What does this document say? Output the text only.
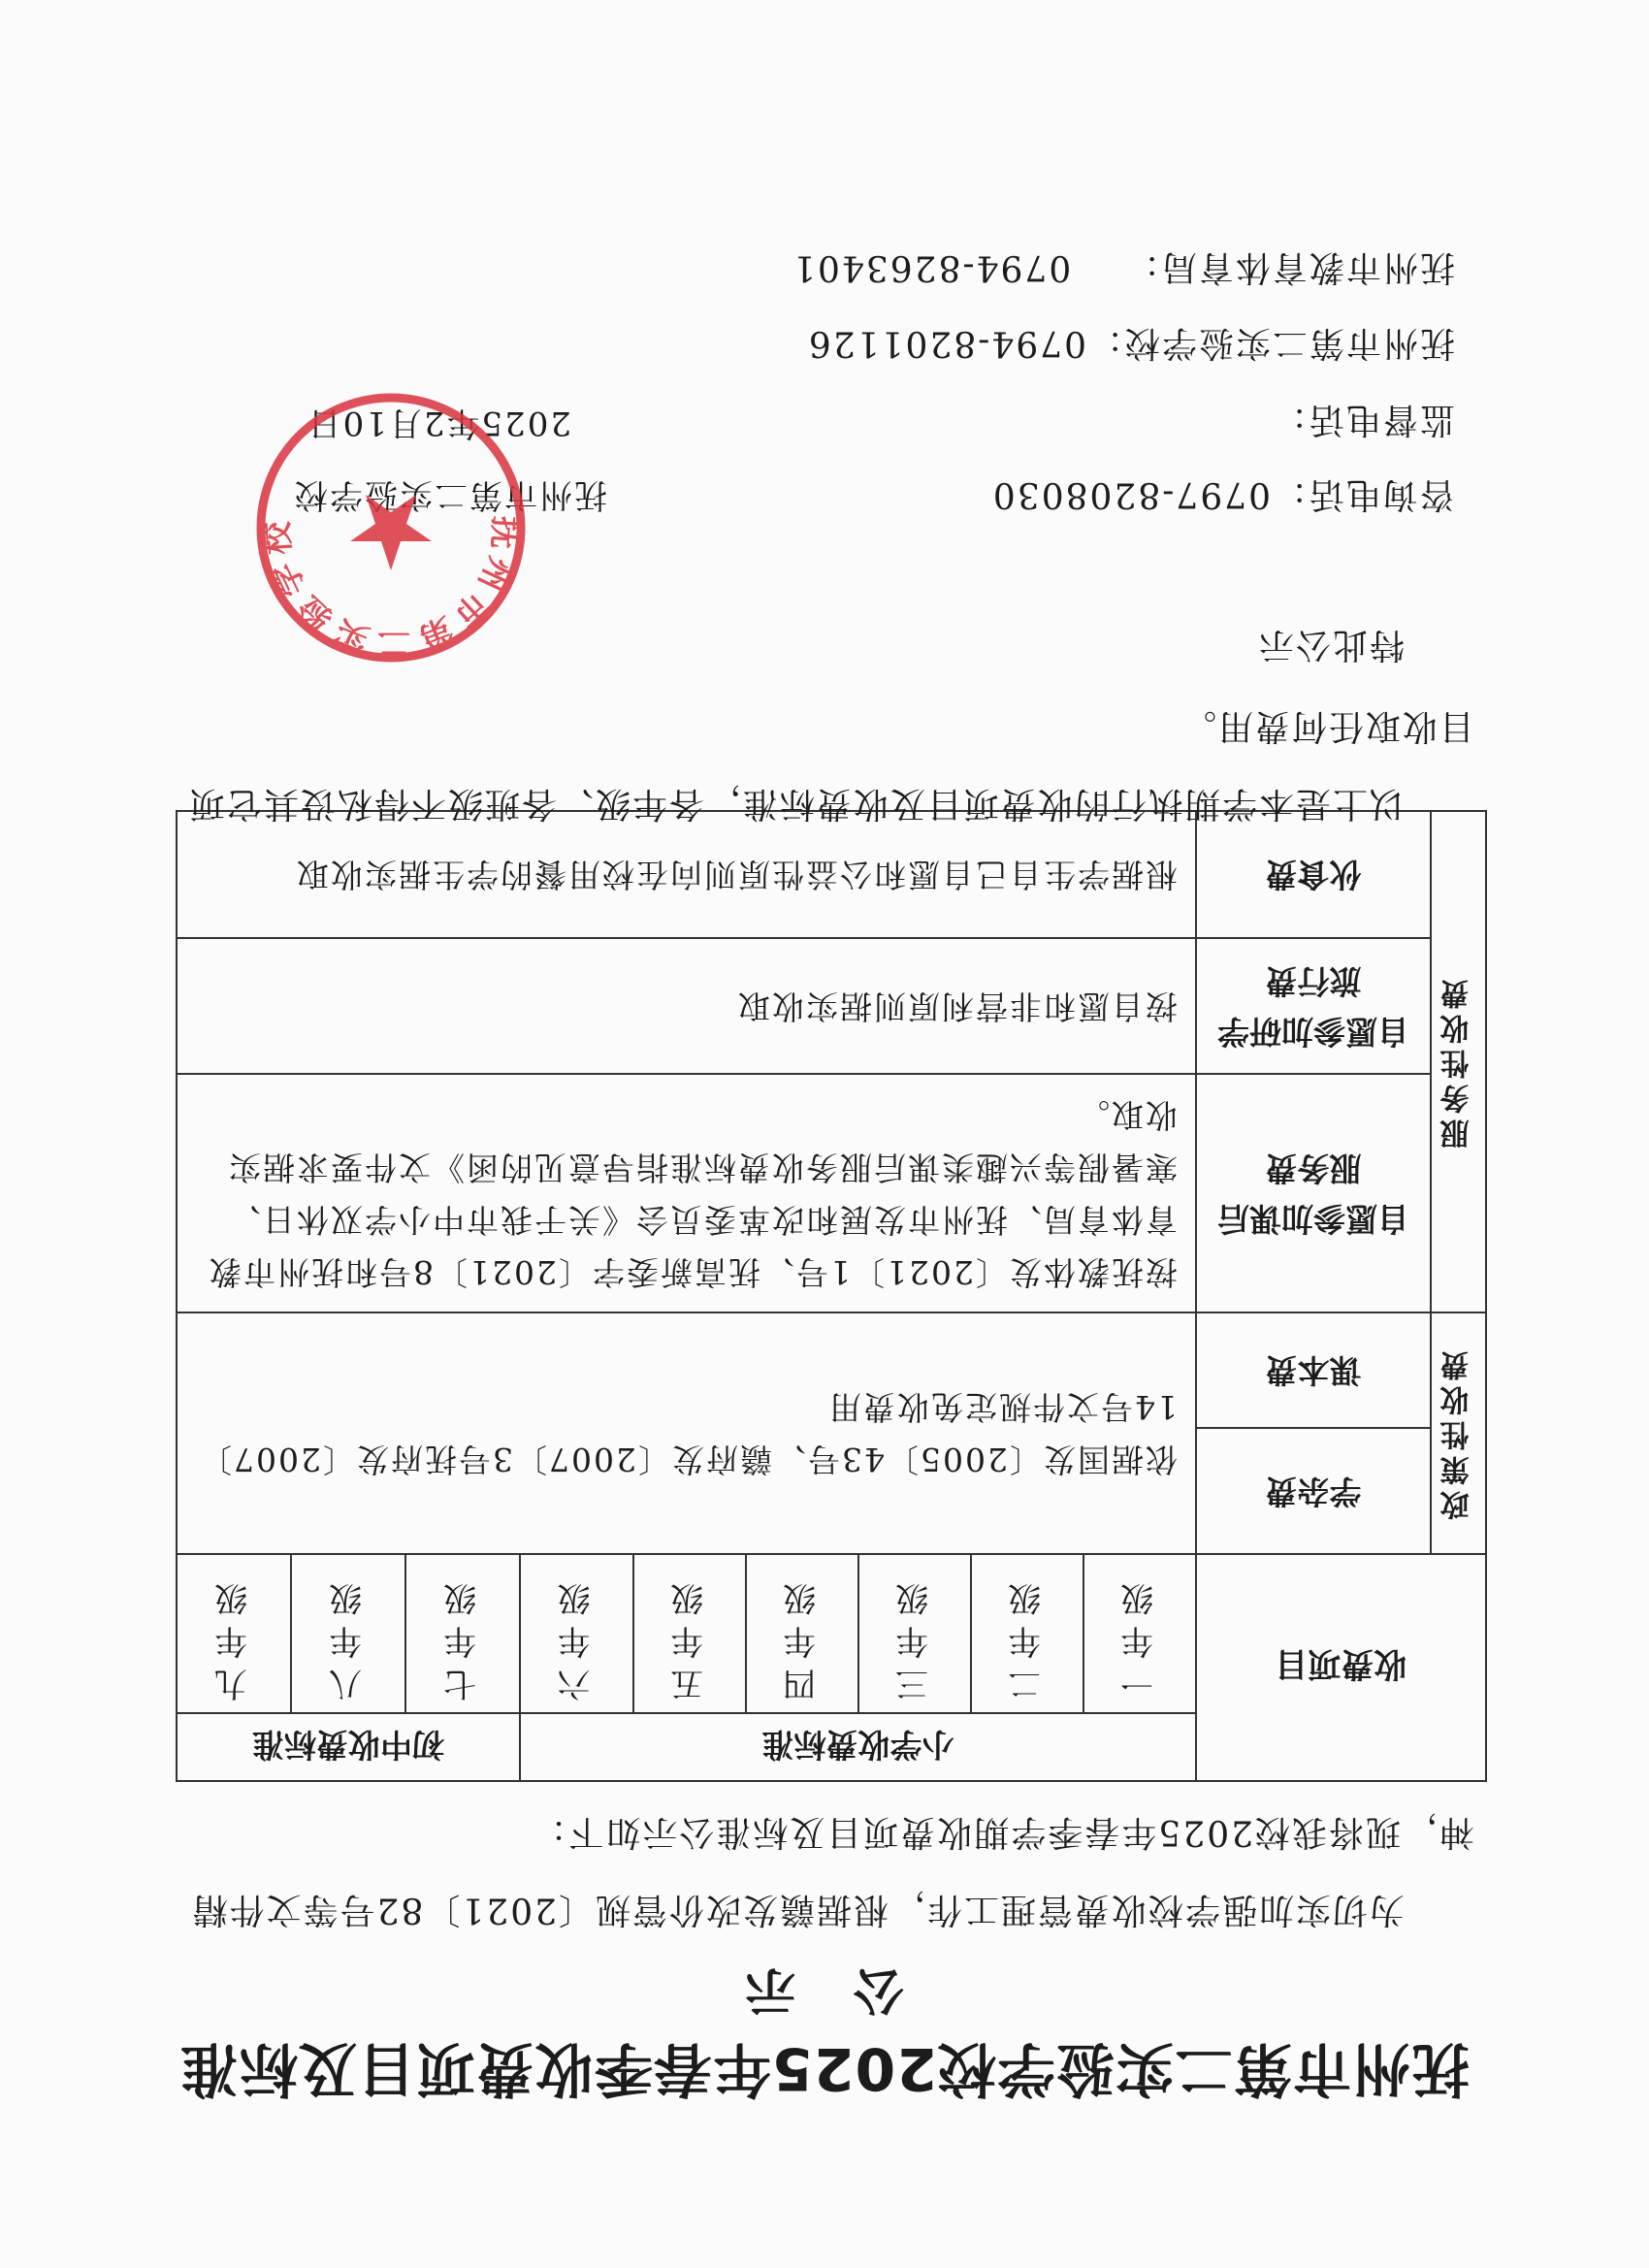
抚州市第二实验学校2025年春季收费项目及标准
公示
为切实加强学校收费管理工作，根据赣发改价管规〔2021〕82号等文件精神，现将我校2025年春季学期收费项目及标准公示如下：
收费项目		小学收费标准						初中收费标准		
		一年级	二年级	三年级	四年级	五年级	六年级	七年级	八年级	九年级

政策性收费	学杂费	依据国发〔2005〕43号、赣府发〔2007〕3号抚府发〔2007〕14号文件规定免收费用								
	课本费									

服务性收费	自愿参加课后服务费	按抚教体发〔2021〕1号、抚高新委字〔2021〕8号和抚州市教育体育局、抚州市发展和改革委员会《关于我市中小学双休日、寒暑假等兴趣类课后服务收费标准指导意见的函》文件要求据实收取。								
	自愿参加研学旅行费	按自愿和非营利原则据实收取								
	伙食费	根据学生自己自愿和公益性原则向在校用餐的学生据实收取								
以上是本学期执行的收费项目及收费标准，各年级、各班级不得私设其它项目收取任何费用。
特此公示
咨询电话：0797-8208030
监督电话：
抚州市第二实验学校：0794-8201126
抚州市教育体育局：    0794-8263401
抚州市第二实验学校
2025年2月10日
抚州市第二实验学校
